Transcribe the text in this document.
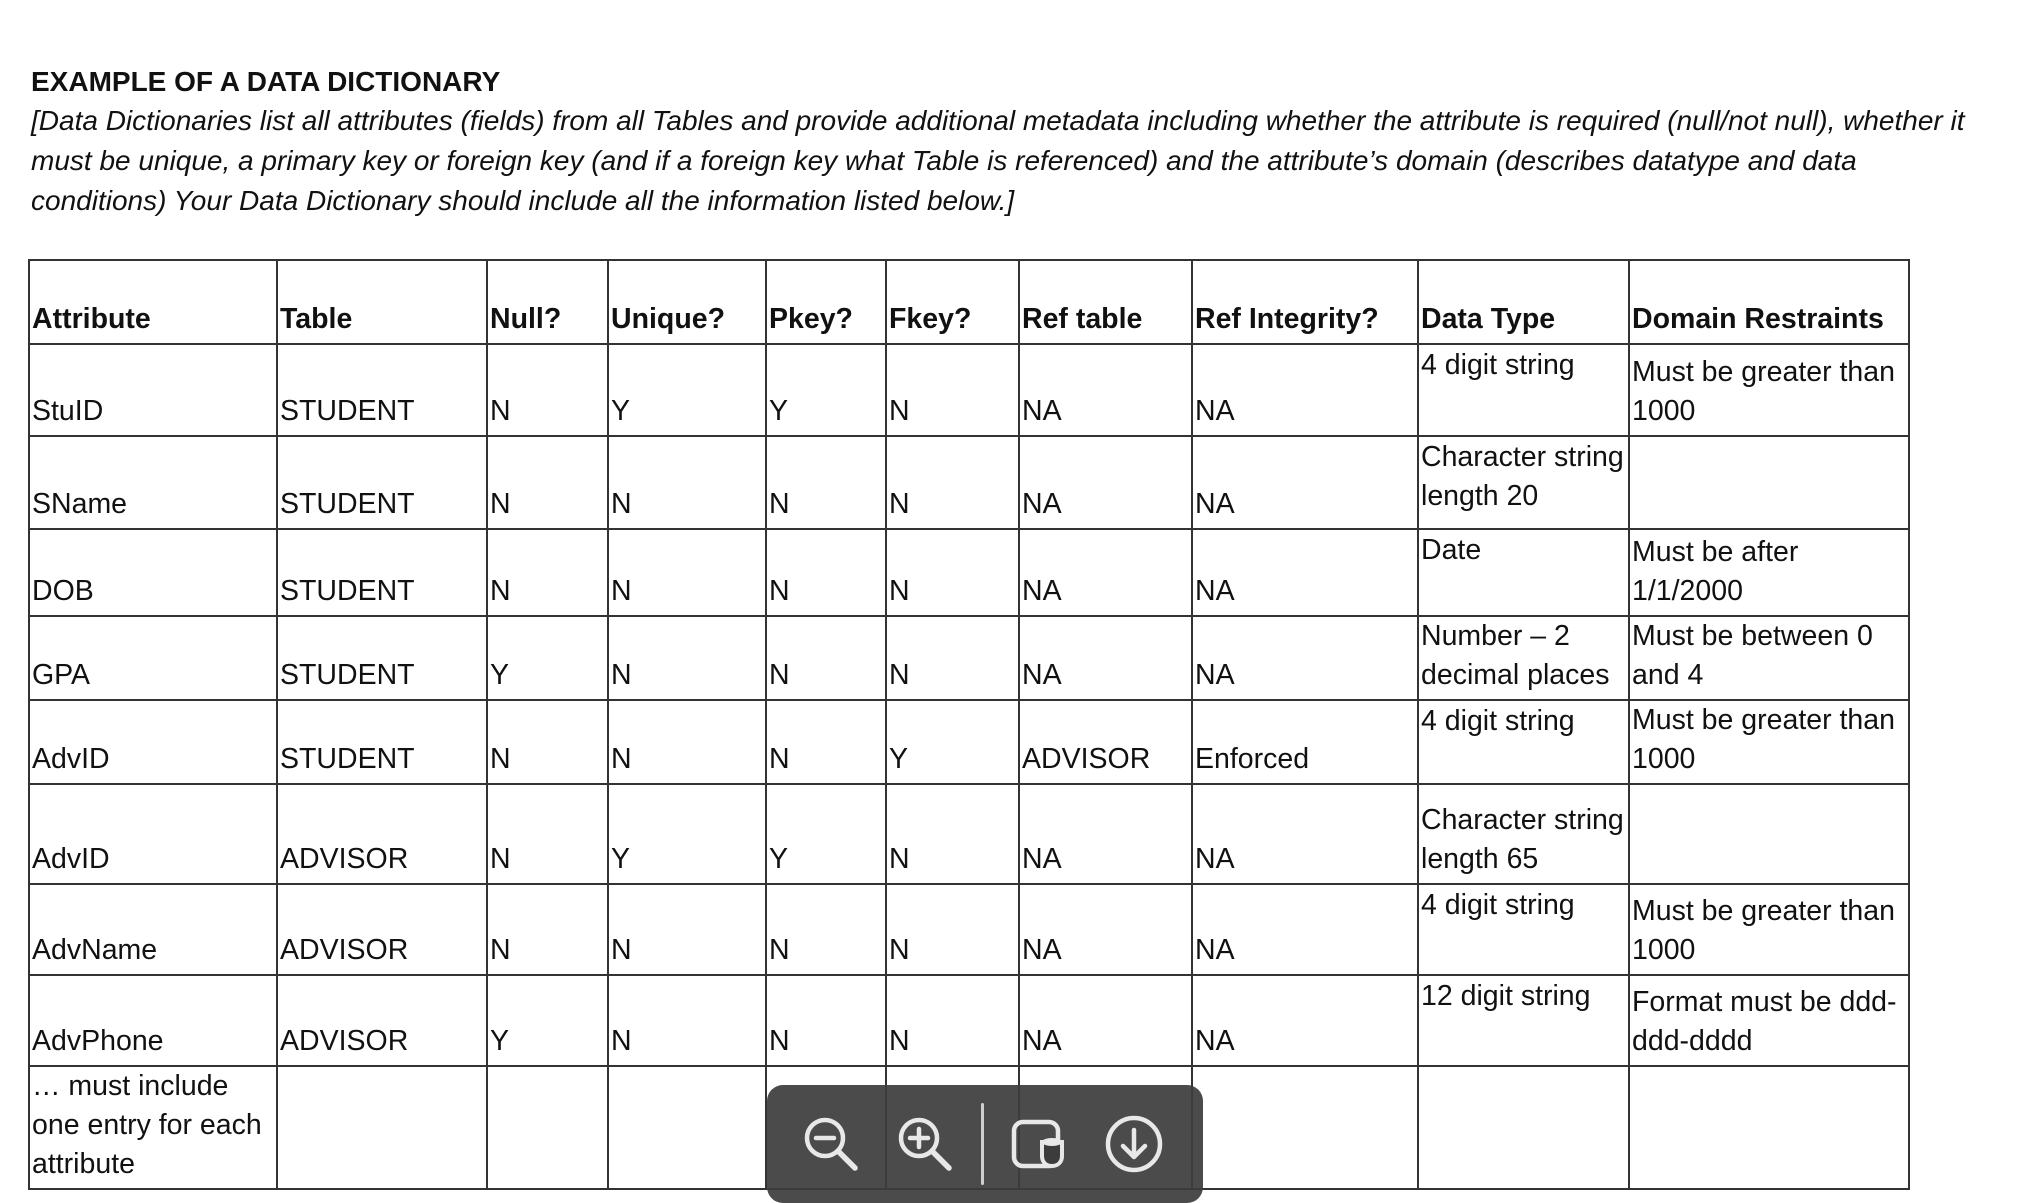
EXAMPLE OF A DATA DICTIONARY

[Data Dictionaries list all attributes (fields) from all Tables and provide additional metadata including whether the attribute is required (null/not null), whether it must be unique, a primary key or foreign key (and if a foreign key what Table is referenced) and the attribute’s domain (describes datatype and data conditions) Your Data Dictionary should include all the information listed below.]

Attribute	Table	Null?	Unique?	Pkey?	Fkey?	Ref table	Ref Integrity?	Data Type	Domain Restraints
StuID	STUDENT	N	Y	Y	N	NA	NA	4 digit string	Must be greater than 1000
SName	STUDENT	N	N	N	N	NA	NA	Character string length 20	
DOB	STUDENT	N	N	N	N	NA	NA	Date	Must be after 1/1/2000
GPA	STUDENT	Y	N	N	N	NA	NA	Number – 2 decimal places	Must be between 0 and 4
AdvID	STUDENT	N	N	N	Y	ADVISOR	Enforced	4 digit string	Must be greater than 1000
AdvID	ADVISOR	N	Y	Y	N	NA	NA	Character string length 65	
AdvName	ADVISOR	N	N	N	N	NA	NA	4 digit string	Must be greater than 1000
AdvPhone	ADVISOR	Y	N	N	N	NA	NA	12 digit string	Format must be ddd-ddd-dddd
… must include one entry for each attribute									
